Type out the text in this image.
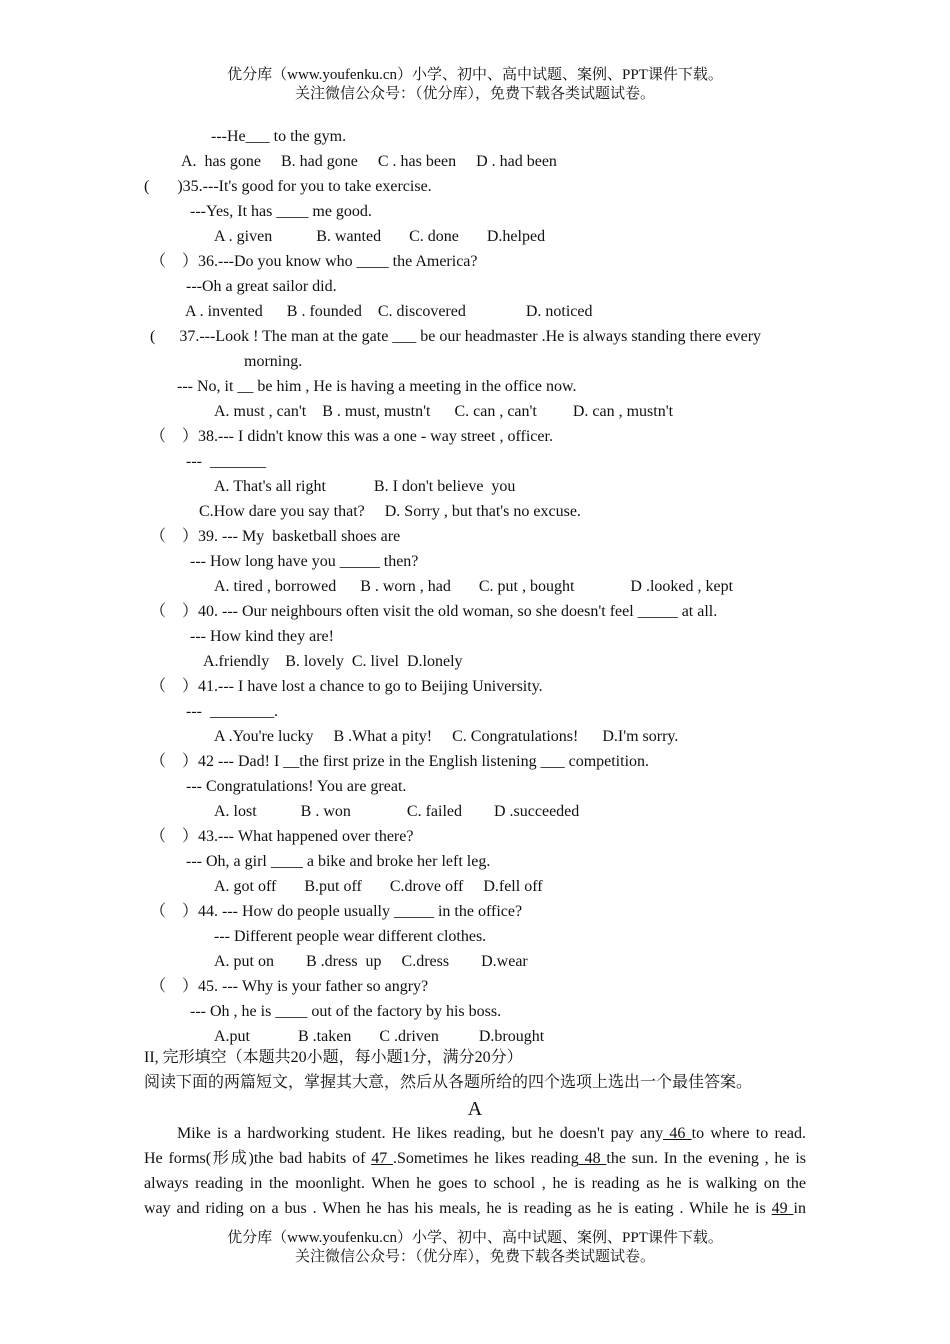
优分库（www.youfenku.cn）小学、初中、高中试题、案例、PPT课件下载。
关注微信公众号：（优分库），免费下载各类试题试卷。
---He___ to the gym.
A.  has gone     B. had gone     C . has been     D . had been
(       )35.---It's good for you to take exercise.
---Yes, It has ____ me good.
A . given           B. wanted       C. done       D.helped
（    ）36.---Do you know who ____ the America?
---Oh a great sailor did.
A . invented      B . founded    C. discovered               D. noticed
(      37.---Look ! The man at the gate ___ be our headmaster .He is always standing there every
morning.
--- No, it __ be him , He is having a meeting in the office now.
A. must , can't    B . must, mustn't      C. can , can't         D. can , mustn't
（    ）38.--- I didn't know this was a one - way street , officer.
---  _______
A. That's all right            B. I don't believe  you
C.How dare you say that?     D. Sorry , but that's no excuse.
（    ）39. --- My  basketball shoes are
--- How long have you _____ then?
A. tired , borrowed      B . worn , had       C. put , bought              D .looked , kept
（    ）40. --- Our neighbours often visit the old woman, so she doesn't feel _____ at all.
--- How kind they are!
A.friendly    B. lovely  C. livel  D.lonely
（    ）41.--- I have lost a chance to go to Beijing University.
---  ________.
A .You're lucky     B .What a pity!     C. Congratulations!      D.I'm sorry.
（    ）42 --- Dad! I __the first prize in the English listening ___ competition.
--- Congratulations! You are great.
A. lost           B . won              C. failed        D .succeeded
（    ）43.--- What happened over there?
--- Oh, a girl ____ a bike and broke her left leg.
A. got off       B.put off       C.drove off     D.fell off
（    ）44. --- How do people usually _____ in the office?
--- Different people wear different clothes.
A. put on        B .dress  up     C.dress        D.wear
（    ）45. --- Why is your father so angry?
--- Oh , he is ____ out of the factory by his boss.
A.put            B .taken       C .driven          D.brought
II, 完形填空（本题共20小题，每小题1分，满分20分）
阅读下面的两篇短文，掌握其大意，然后从各题所给的四个选项上选出一个最佳答案。
A
Mike is a hardworking student. He likes reading, but he doesn't pay any 46 to where to read.
He forms(形成)the bad habits of 47 .Sometimes he likes reading 48 the sun. In the evening , he is
always reading in the moonlight. When he goes to school , he is reading as he is walking on the
way and riding on a bus . When he has his meals, he is reading as he is eating . While he is 49 in
优分库（www.youfenku.cn）小学、初中、高中试题、案例、PPT课件下载。
关注微信公众号：（优分库），免费下载各类试题试卷。
